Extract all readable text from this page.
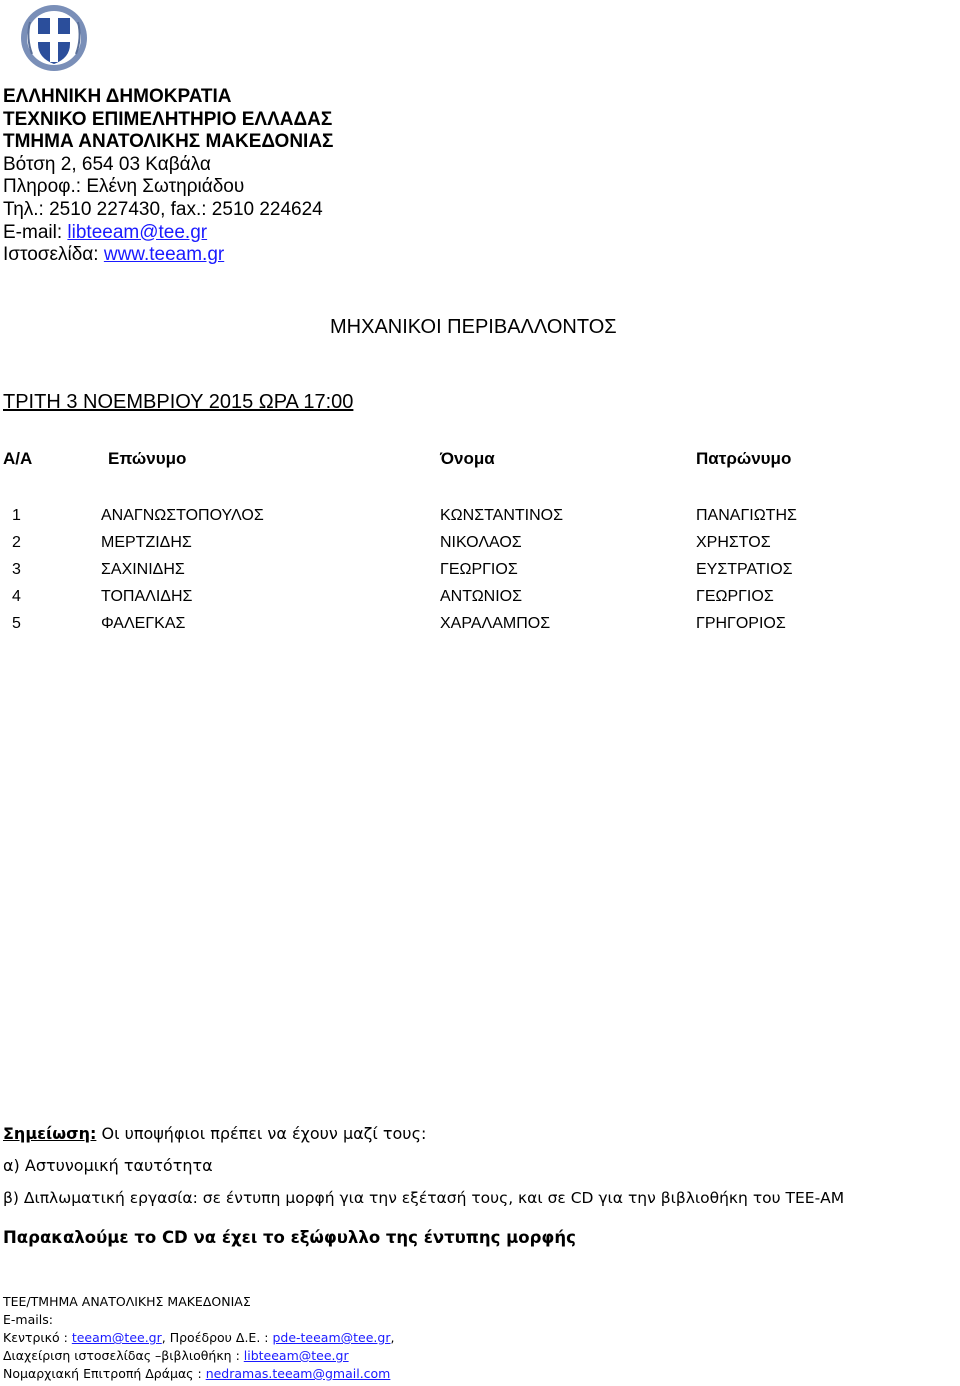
ΕΛΛΗΝΙΚΗ ΔΗΜΟΚΡΑΤΙΑ
ΤΕΧΝΙΚΟ ΕΠΙΜΕΛΗΤΗΡΙΟ ΕΛΛΑΔΑΣ
ΤΜΗΜΑ ΑΝΑΤΟΛΙΚΗΣ ΜΑΚΕΔΟΝΙΑΣ
Βότση 2, 654 03 Καβάλα
Πληροφ.: Ελένη Σωτηριάδου
Τηλ.: 2510 227430, fax.: 2510 224624
E-mail: libteeam@tee.gr
Ιστοσελίδα: www.teeam.gr
ΜΗΧΑΝΙΚΟΙ ΠΕΡΙΒΑΛΛΟΝΤΟΣ
ΤΡΙΤΗ 3 ΝΟΕΜΒΡΙΟΥ 2015 ΩΡΑ 17:00
Α/Α	Επώνυμο	Όνομα	Πατρώνυμο
1	ΑΝΑΓΝΩΣΤΟΠΟΥΛΟΣ	ΚΩΝΣΤΑΝΤΙΝΟΣ	ΠΑΝΑΓΙΩΤΗΣ
2	ΜΕΡΤΖΙΔΗΣ	ΝΙΚΟΛΑΟΣ	ΧΡΗΣΤΟΣ
3	ΣΑΧΙΝΙΔΗΣ	ΓΕΩΡΓΙΟΣ	ΕΥΣΤΡΑΤΙΟΣ
4	ΤΟΠΑΛΙΔΗΣ	ΑΝΤΩΝΙΟΣ	ΓΕΩΡΓΙΟΣ
5	ΦΑΛΕΓΚΑΣ	ΧΑΡΑΛΑΜΠΟΣ	ΓΡΗΓΟΡΙΟΣ
Σημείωση: Οι υποψήφιοι πρέπει να έχουν μαζί τους:
α) Αστυνομική ταυτότητα
β) Διπλωματική εργασία: σε έντυπη μορφή για την εξέτασή τους, και σε CD για την βιβλιοθήκη του ΤΕΕ-ΑΜ
Παρακαλούμε το CD να έχει το εξώφυλλο της έντυπης μορφής
ΤΕΕ/ΤΜΗΜΑ ΑΝΑΤΟΛΙΚΗΣ ΜΑΚΕΔΟΝΙΑΣ
E-mails:
Κεντρικό : teeam@tee.gr, Προέδρου Δ.Ε. : pde-teeam@tee.gr,
Διαχείριση ιστοσελίδας –βιβλιοθήκη : libteeam@tee.gr
Νομαρχιακή Επιτροπή Δράμας : nedramas.teeam@gmail.com
